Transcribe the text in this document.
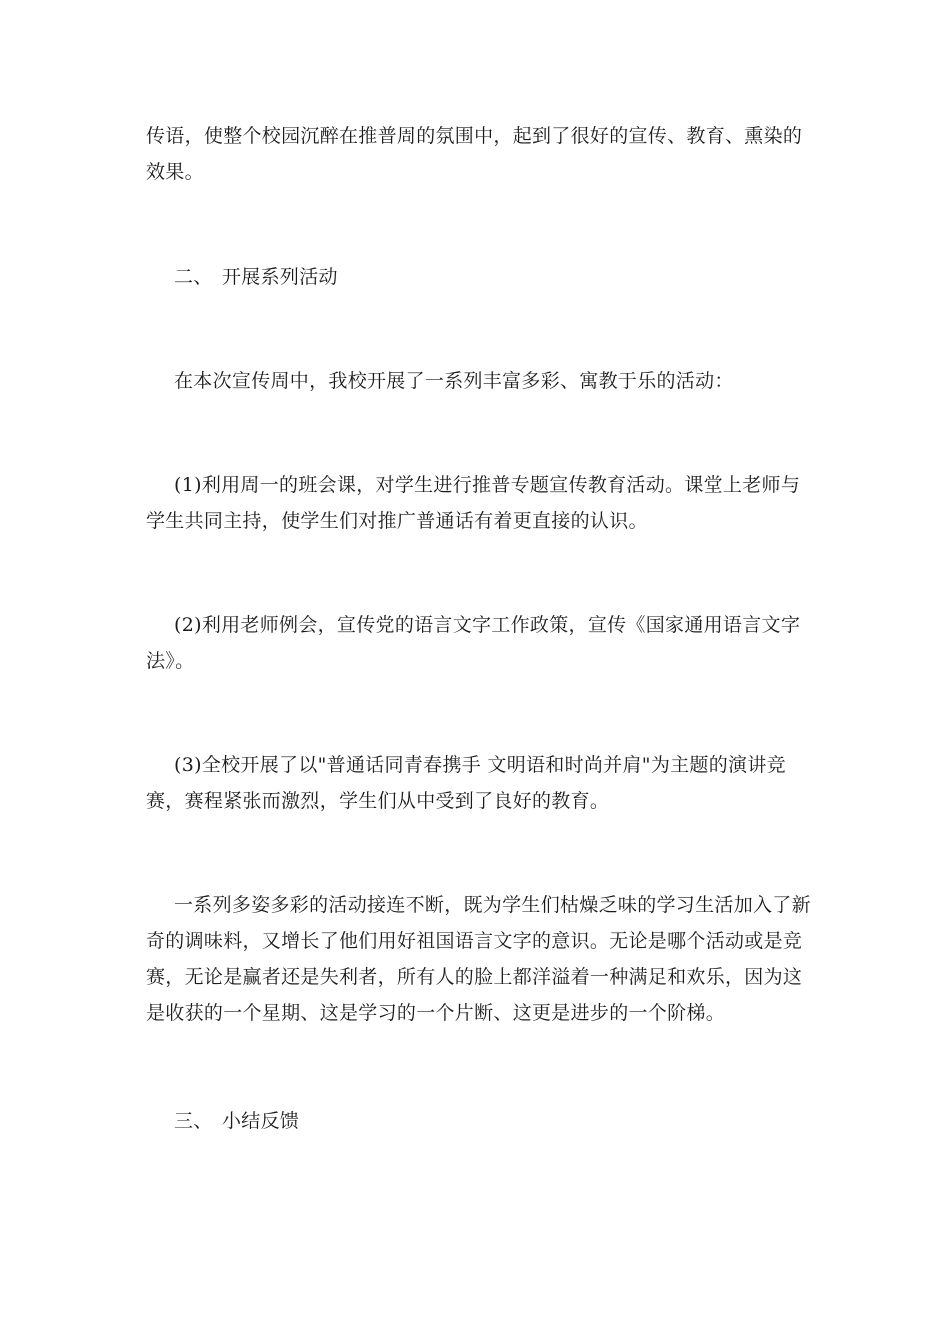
传语，使整个校园沉醉在推普周的氛围中，起到了很好的宣传、教育、熏染的效果。

二、 开展系列活动

在本次宣传周中，我校开展了一系列丰富多彩、寓教于乐的活动：

(1)利用周一的班会课，对学生进行推普专题宣传教育活动。课堂上老师与学生共同主持，使学生们对推广普通话有着更直接的认识。

(2)利用老师例会，宣传党的语言文字工作政策，宣传《国家通用语言文字法》。

(3)全校开展了以"普通话同青春携手 文明语和时尚并肩"为主题的演讲竞赛，赛程紧张而激烈，学生们从中受到了良好的教育。

一系列多姿多彩的活动接连不断，既为学生们枯燥乏味的学习生活加入了新奇的调味料，又增长了他们用好祖国语言文字的意识。无论是哪个活动或是竞赛，无论是赢者还是失利者，所有人的脸上都洋溢着一种满足和欢乐，因为这是收获的一个星期、这是学习的一个片断、这更是进步的一个阶梯。

三、 小结反馈
